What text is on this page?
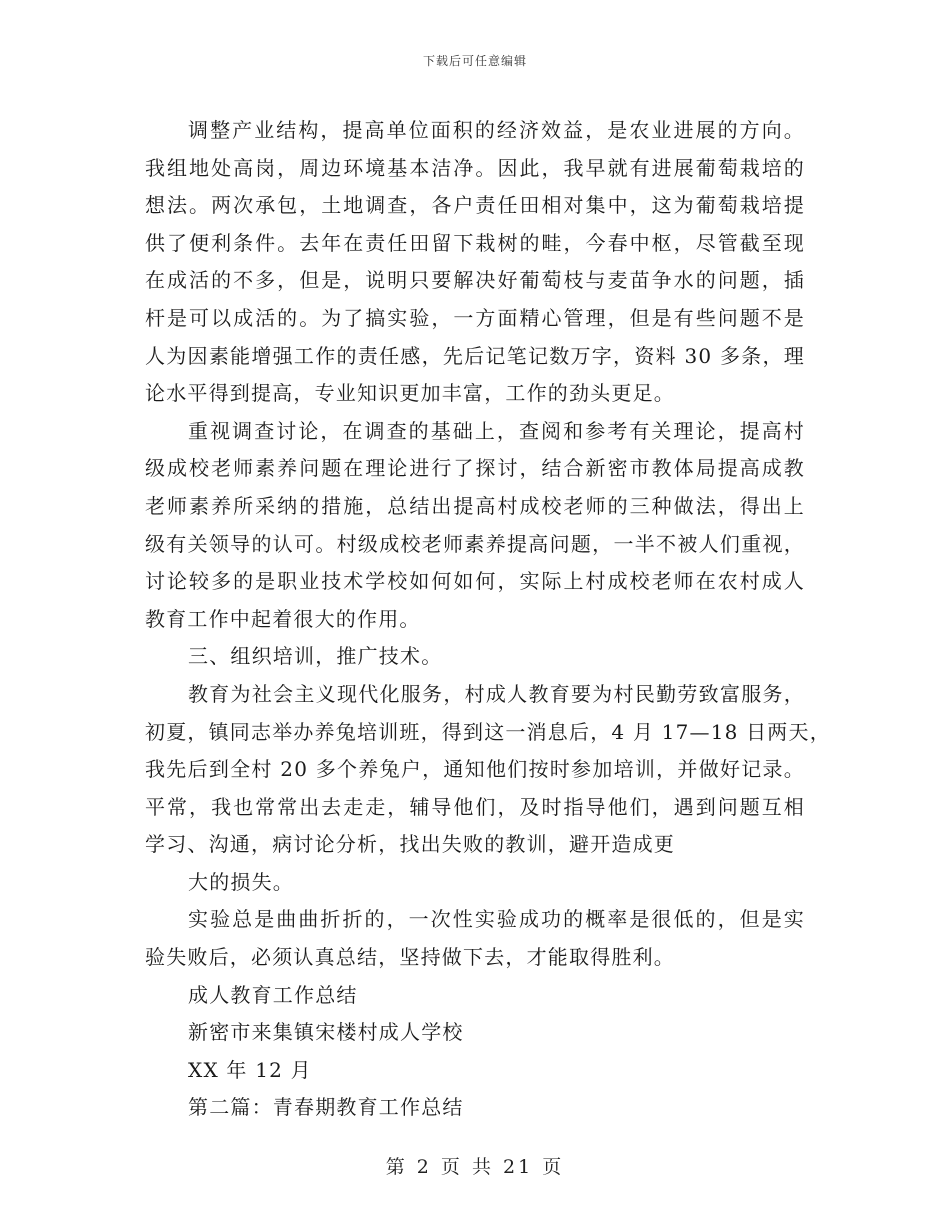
下载后可任意编辑
调整产业结构，提高单位面积的经济效益，是农业进展的方向。
我组地处高岗，周边环境基本洁净。因此，我早就有进展葡萄栽培的
想法。两次承包，土地调查，各户责任田相对集中，这为葡萄栽培提
供了便利条件。去年在责任田留下栽树的畦，今春中枢，尽管截至现
在成活的不多，但是，说明只要解决好葡萄枝与麦苗争水的问题，插
杆是可以成活的。为了搞实验，一方面精心管理，但是有些问题不是
人为因素能增强工作的责任感，先后记笔记数万字，资料 30 多条，理
论水平得到提高，专业知识更加丰富，工作的劲头更足。
重视调查讨论，在调查的基础上，查阅和参考有关理论，提高村
级成校老师素养问题在理论进行了探讨，结合新密市教体局提高成教
老师素养所采纳的措施，总结出提高村成校老师的三种做法，得出上
级有关领导的认可。村级成校老师素养提高问题，一半不被人们重视，
讨论较多的是职业技术学校如何如何，实际上村成校老师在农村成人
教育工作中起着很大的作用。
三、组织培训，推广技术。
教育为社会主义现代化服务，村成人教育要为村民勤劳致富服务，
初夏，镇同志举办养兔培训班，得到这一消息后，4 月 17—18 日两天，
我先后到全村 20 多个养兔户，通知他们按时参加培训，并做好记录。
平常，我也常常出去走走，辅导他们，及时指导他们，遇到问题互相
学习、沟通，病讨论分析，找出失败的教训，避开造成更
大的损失。
实验总是曲曲折折的，一次性实验成功的概率是很低的，但是实
验失败后，必须认真总结，坚持做下去，才能取得胜利。
成人教育工作总结
新密市来集镇宋楼村成人学校
XX 年 12 月
第二篇：青春期教育工作总结
第 2 页 共 21 页
